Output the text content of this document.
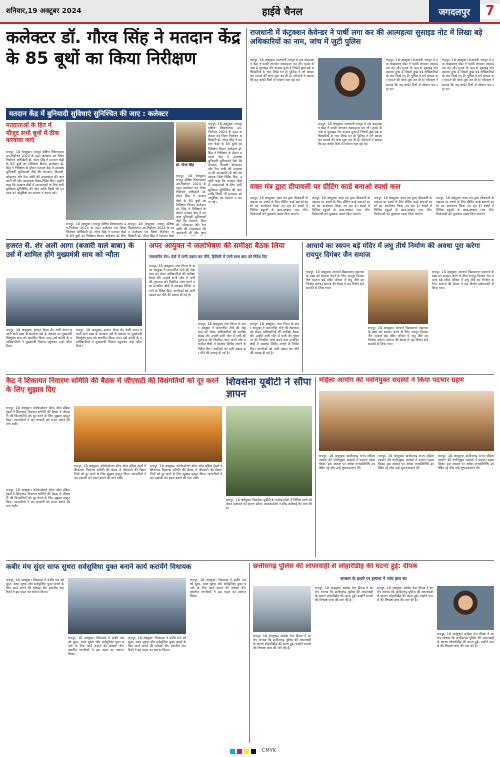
शनिवार,19 अक्टूबर 2024	हाईवे चैनल	जगदलपुर	7
कलेक्टर डॉ. गौरव सिंह ने मतदान केंद्र के 85 बूथों का किया निरीक्षण
मतदान केंद्र में बुनियादी सुविधाएं सुनिश्चित की जाए : कलेक्टर
मतदाताओं के हित में मौजूद सभी बूथों में ठीक करवाया जाएं
रायपुर, 18 अक्टूबर। रायपुर दक्षिण विधानसभा उप-निर्वाचन 2024 के तहत कलेक्टर एवं जिला निर्वाचन अधिकारी डॉ. गौरव सिंह ने मतदान केंद्रों के 85 बूथों का निरीक्षण किया। कलेक्टर डॉ. सिंह ने निरीक्षण के दौरान मतदान केंद्र में उपलब्ध बुनियादी सुविधाओं जैसे कि पेयजल, बिजली, शौचालय और रैम्प आदि की उपलब्धता की जानकारी ली और आवश्यक दिशा-निर्देश दिए। उन्होंने कहा कि मतदान केंद्रों में मतदाताओं के लिए सभी सुविधाएं सुनिश्चित की जाएं ताकि किसी भी मतदाता को असुविधा का सामना न करना पड़े।
डॉ. गौरव सिंह
रायपुर, 18 अक्टूबर। रायपुर दक्षिण विधानसभा उप-निर्वाचन 2024 के तहत कलेक्टर एवं जिला निर्वाचन अधिकारी डॉ. गौरव सिंह ने मतदान केंद्रों के 85 बूथों का निरीक्षण किया। कलेक्टर डॉ. सिंह ने निरीक्षण के दौरान मतदान केंद्र में उपलब्ध बुनियादी सुविधाओं जैसे कि पेयजल, बिजली, शौचालय और रैम्प आदि की उपलब्धता की जानकारी ली और आवश्यक दिशा-निर्देश दिए। उन्होंने कहा कि मतदान केंद्रों में मतदाताओं के लिए सभी सुविधाएं सुनिश्चित की जाएं ताकि किसी भी मतदाता को असुविधा का सामना न करना पड़े।
रायपुर, 18 अक्टूबर। रायपुर दक्षिण विधानसभा उप-निर्वाचन 2024 के तहत कलेक्टर एवं जिला निर्वाचन अधिकारी डॉ. गौरव सिंह ने मतदान केंद्रों के 85 बूथों का निरीक्षण किया। कलेक्टर डॉ. सिंह
रायपुर, 18 अक्टूबर। रायपुर दक्षिण विधानसभा उप-निर्वाचन 2024 के तहत कलेक्टर एवं जिला निर्वाचन अधिकारी डॉ. गौरव सिंह ने मतदान केंद्रों
रायपुर, 18 अक्टूबर। रायपुर दक्षिण विधानसभा उप-निर्वाचन 2024 के तहत कलेक्टर एवं जिला निर्वाचन अधिकारी डॉ. गौरव सिंह ने मतदान केंद्रों के 85 बूथों का निरीक्षण किया। कलेक्टर डॉ. सिंह ने निरीक्षण के दौरान मतदान केंद्र में उपलब्ध बुनियादी सुविधाओं जैसे कि पेयजल, बिजली, शौचालय और रैम्प आदि की उपलब्धता की जानकारी ली और आव
राजधानी में कंट्रक्शन केवेन्डर ने पार्षी लगा कर की आत्महत्या सुसाइड नोट में लिखा बड़े अधिकारियों का नाम, जांच में जुटी पुलिस
रायपुर, 18 अक्टूबर। राजधानी रायपुर में एक कंस्ट्रक्शन वेंडर ने फांसी लगाकर आत्महत्या कर ली। मृतक के पास से सुसाइड नोट बरामद हुआ है जिसमें कुछ बड़े अधिकारियों के नाम लिखे गए हैं। पुलिस ने मर्ग कायम कर मामले की जांच शुरू कर दी है। परिजनों ने बताया कि वह काफी दिनों से परेशान चल रहा था।
रायपुर, 18 अक्टूबर। राजधानी रायपुर में एक कंस्ट्रक्शन वेंडर ने फांसी लगाकर आत्महत्या कर ली। मृतक के पास से सुसाइड नोट बरामद हुआ है जिसमें कुछ बड़े अधिकारियों के नाम लिखे गए हैं। पुलिस ने मर्ग कायम कर मामले की जांच शुरू कर दी है। परिजनों ने बताया कि वह काफी दिनों से परेशान चल रहा था।
रायपुर, 18 अक्टूबर। राजधानी रायपुर में एक कंस्ट्रक्शन वेंडर ने फांसी लगाकर आत्महत्या कर ली। मृतक के पास से सुसाइड नोट बरामद हुआ है जिसमें कुछ बड़े अधिकारियों के नाम लिखे गए हैं। पुलिस ने मर्ग कायम कर मामले की जांच शुरू कर दी है। परिजनों ने बताया कि वह काफी दिनों से परेशान चल रहा था।
रायपुर, 18 अक्टूबर। राजधानी रायपुर में एक कंस्ट्रक्शन वेंडर ने फांसी लगाकर आत्महत्या कर ली। मृतक के पास से सुसाइड नोट बरामद हुआ है जिसमें कुछ बड़े अधिकारियों के नाम लिखे गए हैं। पुलिस ने मर्ग कायम कर मामले की जांच शुरू कर दी है। परिजनों ने बताया कि वह काफी दिनों से परेशान चल रहा था।
वक्त मंत्र द्वारा दीपावली पर ग्रीटिंग कार्ड बनाओ स्पर्धा कल
रायपुर, 18 अक्टूबर। वक्त मंत्र द्वारा दीपावली के अवसर पर बच्चों के लिए ग्रीटिंग कार्ड बनाओ स्पर्धा का आयोजन किया जा रहा है। स्पर्धा में विभिन्न स्कूलों के छात्र-छात्राएं भाग लेंगे। विजेताओं को पुरस्कार प्रदान किए जाएंगे।
रायपुर, 18 अक्टूबर। वक्त मंत्र द्वारा दीपावली के अवसर पर बच्चों के लिए ग्रीटिंग कार्ड बनाओ स्पर्धा का आयोजन किया जा रहा है। स्पर्धा में विभिन्न स्कूलों के छात्र-छात्राएं भाग लेंगे। विजेताओं को पुरस्कार प्रदान किए जाएंगे।
रायपुर, 18 अक्टूबर। वक्त मंत्र द्वारा दीपावली के अवसर पर बच्चों के लिए ग्रीटिंग कार्ड बनाओ स्पर्धा का आयोजन किया जा रहा है। स्पर्धा में विभिन्न स्कूलों के छात्र-छात्राएं भाग लेंगे। विजेताओं को पुरस्कार प्रदान किए जाएंगे।
रायपुर, 18 अक्टूबर। वक्त मंत्र द्वारा दीपावली के अवसर पर बच्चों के लिए ग्रीटिंग कार्ड बनाओ स्पर्धा का आयोजन किया जा रहा है। स्पर्धा में विभिन्न स्कूलों के छात्र-छात्राएं भाग लेंगे। विजेताओं को पुरस्कार प्रदान किए जाएंगे।
हजरत सै. शेर अली आगा (बजारी वाले बाबा) के उर्स में शामिल होंगे मुख्यमंत्री साय को न्यौता
रायपुर, 18 अक्टूबर। हजरत सैयद शेर अली आगा बजारी वाले बाबा के सालाना उर्स के अवसर पर मुख्यमंत्री विष्णुदेव साय को आमंत्रित किया गया। उर्स कमेटी के पदाधिकारियों ने मुख्यमंत्री निवास पहुंचकर उन्हें न्यौता दिया।
रायपुर, 18 अक्टूबर। हजरत सैयद शेर अली आगा बजारी वाले बाबा के सालाना उर्स के अवसर पर मुख्यमंत्री विष्णुदेव साय को आमंत्रित किया गया। उर्स कमेटी के पदाधिकारियों ने मुख्यमंत्री निवास पहुंचकर उन्हें न्यौता दिया।
अपर आयुक्त ने जलभिषण की समीक्षा बैठक लिया
जलजनित रोग: देवों में पानी उबाल कर पीने, हितिसी में पानी साथ बाय को निर्देश दिए
रायपुर, 18 अक्टूबर। नगर निगम के अपर आयुक्त ने जलजनित रोगों की रोकथाम को लेकर अधिकारियों की समीक्षा बैठक ली। उन्होंने सभी जोन में पानी की गुणवत्ता की नियमित जांच करने तथा प्रभावित क्षेत्रों में स्वास्थ्य शिविर लगाने के निर्देश दिए। नागरिकों को पानी उबाल कर पीने की सलाह दी गई है।
रायपुर, 18 अक्टूबर। नगर निगम के अपर आयुक्त ने जलजनित रोगों की रोकथाम को लेकर अधिकारियों की समीक्षा बैठक ली। उन्होंने सभी जोन में पानी की गुणवत्ता की नियमित जांच करने तथा प्रभावित क्षेत्रों में स्वास्थ्य शिविर लगाने के निर्देश दिए। नागरिकों को पानी उबाल कर पीने की सलाह दी गई है।
रायपुर, 18 अक्टूबर। नगर निगम के अपर आयुक्त ने जलजनित रोगों की रोकथाम को लेकर अधिकारियों की समीक्षा बैठक ली। उन्होंने सभी जोन में पानी की गुणवत्ता की नियमित जांच करने तथा प्रभावित क्षेत्रों में स्वास्थ्य शिविर लगाने के निर्देश दिए। नागरिकों को पानी उबाल कर पीने की सलाह दी गई है।
आचार्य का स्वपन बड़े मंदिर में लघु तीर्थ निर्माण की अवधा पूरा करेगा रायपुर दिगंबर जैन समाज
रायपुर, 18 अक्टूबर। आचार्य विद्यासागर महाराज के स्वप्न को साकार करने के लिए रायपुर दिगंबर जैन समाज बड़े मंदिर परिसर में लघु तीर्थ का निर्माण करेगा। समाज की बैठक में यह निर्णय सर्वसम्मति से लिया गया।
रायपुर, 18 अक्टूबर। आचार्य विद्यासागर महाराज के स्वप्न को साकार करने के लिए रायपुर दिगंबर जैन समाज बड़े मंदिर परिसर में लघु तीर्थ का निर्माण करेगा। समाज की बैठक में यह निर्णय सर्वसम्मति से लिया गया।
रायपुर, 18 अक्टूबर। आचार्य विद्यासागर महाराज के स्वप्न को साकार करने के लिए रायपुर दिगंबर जैन समाज बड़े मंदिर परिसर में लघु तीर्थ का निर्माण करेगा। समाज की बैठक में यह निर्णय सर्वसम्मति से लिया गया।
कैट ने शिकायत निवारण समिति की बैठक में जीएसटी की विसंगतियों को दूर करने के लिए सुझाव दिए
रायपुर, 18 अक्टूबर। कॉन्फेडरेशन ऑफ ऑल इंडिया ट्रेडर्स ने शिकायत निवारण समिति की बैठक में जीएसटी की विसंगतियों को दूर करने के लिए सुझाव प्रस्तुत किए। व्यापारियों ने कर प्रणाली को सरल बनाने की मांग रखी।
रायपुर, 18 अक्टूबर। कॉन्फेडरेशन ऑफ ऑल इंडिया ट्रेडर्स ने शिकायत निवारण समिति की बैठक में जीएसटी की विसंगतियों को दूर करने के लिए सुझाव प्रस्तुत किए। व्यापारियों ने कर प्रणाली को सरल बनाने की मांग रखी।
रायपुर, 18 अक्टूबर। कॉन्फेडरेशन ऑफ ऑल इंडिया ट्रेडर्स ने शिकायत निवारण समिति की बैठक में जीएसटी की विसंगतियों को दूर करने के लिए सुझाव प्रस्तुत किए। व्यापारियों ने कर प्रणाली को सरल बनाने की मांग रखी।
रायपुर, 18 अक्टूबर। कॉन्फेडरेशन ऑफ ऑल इंडिया ट्रेडर्स ने शिकायत निवारण समिति की बैठक में जीएसटी की विसंगतियों को दूर करने के लिए सुझाव प्रस्तुत किए। व्यापारियों ने कर प्रणाली को सरल बनाने की मांग रखी।
शिवसेना यूबीटी ने सौंपा ज्ञापन
रायपुर, 18 अक्टूबर। शिवसेना यूबीटी के कार्यकर्ताओं ने विभिन्न मांगों को लेकर प्रशासन को ज्ञापन सौंपा। कार्यकर्ताओं ने शीघ्र कार्रवाई की मांग की है।
महिला आयोग की नवनियुक्त सदस्यों ने किया पदभार ग्रहण
रायपुर, 18 अक्टूबर। छत्तीसगढ़ राज्य महिला आयोग की नवनियुक्त सदस्यों ने पदभार ग्रहण किया। इस अवसर पर अनेक जनप्रतिनिधि उपस्थित रहे और उन्हें शुभकामनाएं दीं।
रायपुर, 18 अक्टूबर। छत्तीसगढ़ राज्य महिला आयोग की नवनियुक्त सदस्यों ने पदभार ग्रहण किया। इस अवसर पर अनेक जनप्रतिनिधि उपस्थित रहे और उन्हें शुभकामनाएं दीं।
रायपुर, 18 अक्टूबर। छत्तीसगढ़ राज्य महिला आयोग की नवनियुक्त सदस्यों ने पदभार ग्रहण किया। इस अवसर पर अनेक जनप्रतिनिधि उपस्थित रहे और उन्हें शुभकामनाएं दीं।
कबीर मंच सुंदर साफ सुथरा सर्वसुविधा युक्त बनाने कार्य करायेंगे विधायक
रायपुर, 18 अक्टूबर। विधायक ने कबीर मंच को सुंदर, साफ सुथरा और सर्वसुविधा युक्त बनाने के लिए कार्य कराने की घोषणा की। स्थानीय नागरिकों ने इस पहल का स्वागत किया।
रायपुर, 18 अक्टूबर। विधायक ने कबीर मंच को सुंदर, साफ सुथरा और सर्वसुविधा युक्त बनाने के लिए कार्य कराने की घोषणा की। स्थानीय नागरिकों ने इस पहल का स्वागत किया।
रायपुर, 18 अक्टूबर। विधायक ने कबीर मंच को सुंदर, साफ सुथरा और सर्वसुविधा युक्त बनाने के लिए कार्य कराने की घोषणा की। स्थानीय नागरिकों ने इस पहल का स्वागत किया।
रायपुर, 18 अक्टूबर। विधायक ने कबीर मंच को सुंदर, साफ सुथरा और सर्वसुविधा युक्त बनाने के लिए कार्य कराने की घोषणा की। स्थानीय नागरिकों ने इस पहल का स्वागत किया।
छत्तीसगढ़ पुलिस की लापरवाही से लोहारीडीह की घटना हुई: दीपक
सरकार के इशारे पर हत्यारा ने जांच हाथ का
रायपुर, 18 अक्टूबर। कांग्रेस नेता दीपक ने आरोप लगाया कि छत्तीसगढ़ पुलिस की लापरवाही के कारण लोहारीडीह की घटना हुई। उन्होंने मामले की निष्पक्ष जांच की मांग की है।
रायपुर, 18 अक्टूबर। कांग्रेस नेता दीपक ने आरोप लगाया कि छत्तीसगढ़ पुलिस की लापरवाही के कारण लोहारीडीह की घटना हुई। उन्होंने मामले की निष्पक्ष जांच की मांग की है।
रायपुर, 18 अक्टूबर। कांग्रेस नेता दीपक ने आरोप लगाया कि छत्तीसगढ़ पुलिस की लापरवाही के कारण लोहारीडीह की घटना हुई। उन्होंने मामले की निष्पक्ष जांच की मांग की है।
रायपुर, 18 अक्टूबर। कांग्रेस नेता दीपक ने आरोप लगाया कि छत्तीसगढ़ पुलिस की लापरवाही के कारण लोहारीडीह की घटना हुई। उन्होंने मामले की निष्पक्ष जांच की मांग की है।
CMYK
